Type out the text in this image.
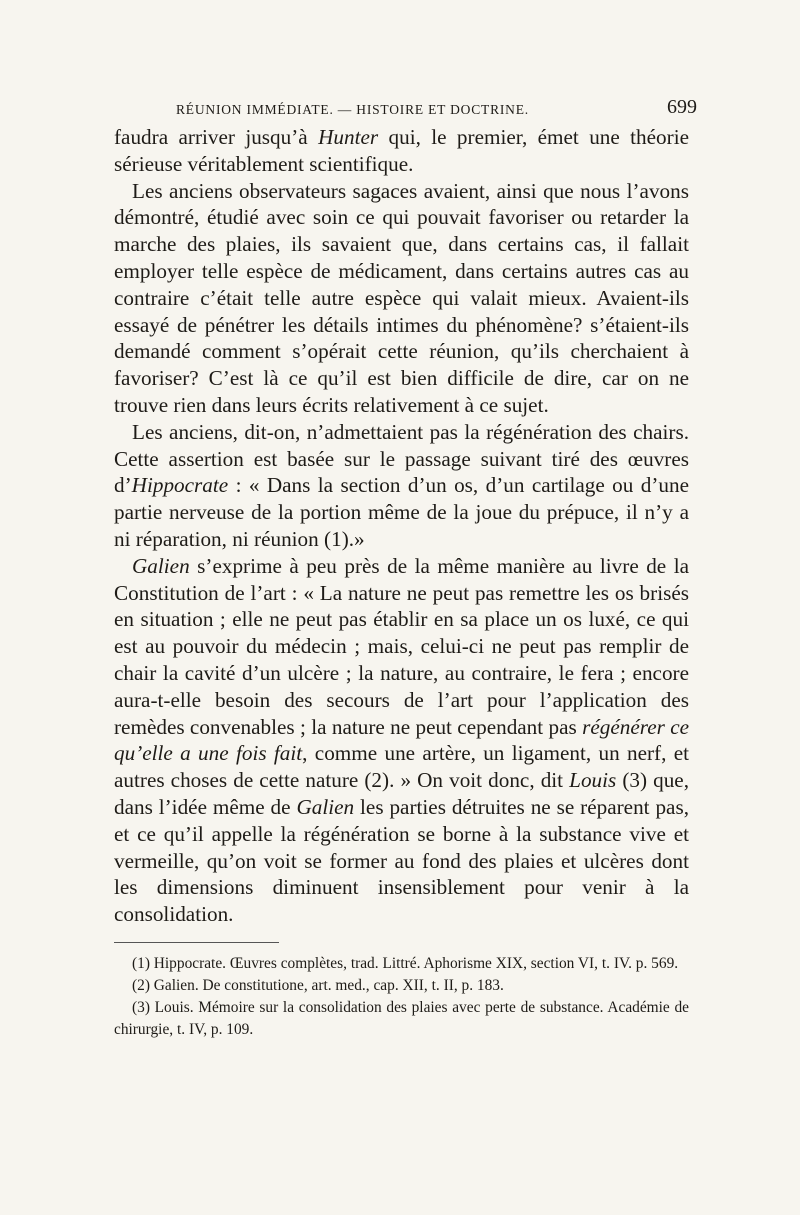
RÉUNION IMMÉDIATE. — HISTOIRE ET DOCTRINE.	699

faudra arriver jusqu’à Hunter qui, le premier, émet une théorie sérieuse véritablement scientifique.

Les anciens observateurs sagaces avaient, ainsi que nous l’avons démontré, étudié avec soin ce qui pouvait favoriser ou retarder la marche des plaies, ils savaient que, dans certains cas, il fallait employer telle espèce de médicament, dans certains autres cas au contraire c’était telle autre espèce qui valait mieux. Avaient-ils essayé de pénétrer les détails intimes du phénomène? s’étaient-ils demandé comment s’opérait cette réunion, qu’ils cherchaient à favoriser? C’est là ce qu’il est bien difficile de dire, car on ne trouve rien dans leurs écrits relativement à ce sujet.

Les anciens, dit-on, n’admettaient pas la régénération des chairs. Cette assertion est basée sur le passage suivant tiré des œuvres d’Hippocrate : « Dans la section d’un os, d’un cartilage ou d’une partie nerveuse de la portion même de la joue du prépuce, il n’y a ni réparation, ni réunion (1).»

Galien s’exprime à peu près de la même manière au livre de la Constitution de l’art : « La nature ne peut pas remettre les os brisés en situation ; elle ne peut pas établir en sa place un os luxé, ce qui est au pouvoir du médecin ; mais, celui-ci ne peut pas remplir de chair la cavité d’un ulcère ; la nature, au contraire, le fera ; encore aura-t-elle besoin des secours de l’art pour l’application des remèdes convenables ; la nature ne peut cependant pas régénérer ce qu’elle a une fois fait, comme une artère, un ligament, un nerf, et autres choses de cette nature (2). » On voit donc, dit Louis (3) que, dans l’idée même de Galien les parties détruites ne se réparent pas, et ce qu’il appelle la régénération se borne à la substance vive et vermeille, qu’on voit se former au fond des plaies et ulcères dont les dimensions diminuent insensiblement pour venir à la consolidation.

(1) Hippocrate. Œuvres complètes, trad. Littré. Aphorisme XIX, section VI, t. IV. p. 569.

(2) Galien. De constitutione, art. med., cap. XII, t. II, p. 183.

(3) Louis. Mémoire sur la consolidation des plaies avec perte de substance. Académie de chirurgie, t. IV, p. 109.
